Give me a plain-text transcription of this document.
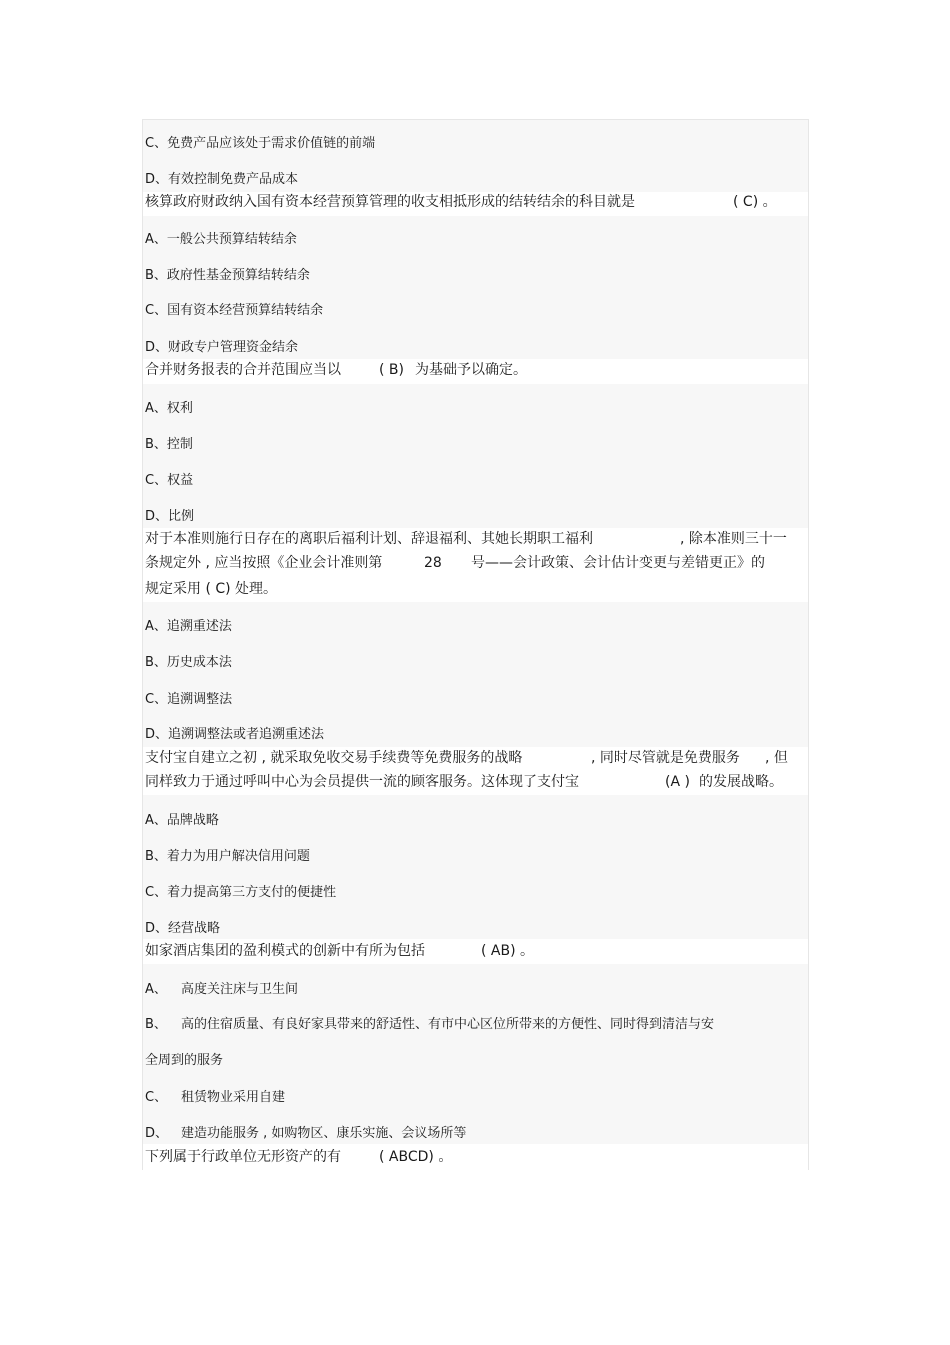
C、免费产品应该处于需求价值链的前端
D、有效控制免费产品成本
核算政府财政纳入国有资本经营预算管理的收支相抵形成的结转结余的科目就是	( C) 。
A、一般公共预算结转结余
B、政府性基金预算结转结余
C、国有资本经营预算结转结余
D、财政专户管理资金结余
合并财务报表的合并范围应当以	( B) 为基础予以确定。
A、权利
B、控制
C、权益
D、比例
对于本准则施行日存在的离职后福利计划、辞退福利、其她长期职工福利	, 除本准则三十一
条规定外 , 应当按照《企业会计准则第	28 号——会计政策、会计估计变更与差错更正》的
规定采用 ( C) 处理。
A、追溯重述法
B、历史成本法
C、追溯调整法
D、追溯调整法或者追溯重述法
支付宝自建立之初 , 就采取免收交易手续费等免费服务的战略	, 同时尽管就是免费服务 , 但
同样致力于通过呼叫中心为会员提供一流的顾客服务。这体现了支付宝	(A ) 的发展战略。
A、品牌战略
B、着力为用户解决信用问题
C、着力提高第三方支付的便捷性
D、经营战略
如家酒店集团的盈利模式的创新中有所为包括	( AB) 。
A、 高度关注床与卫生间
B、 高的住宿质量、有良好家具带来的舒适性、有市中心区位所带来的方便性、同时得到清洁与安
全周到的服务
C、 租赁物业采用自建
D、 建造功能服务 , 如购物区、康乐实施、会议场所等
下列属于行政单位无形资产的有	( ABCD) 。
